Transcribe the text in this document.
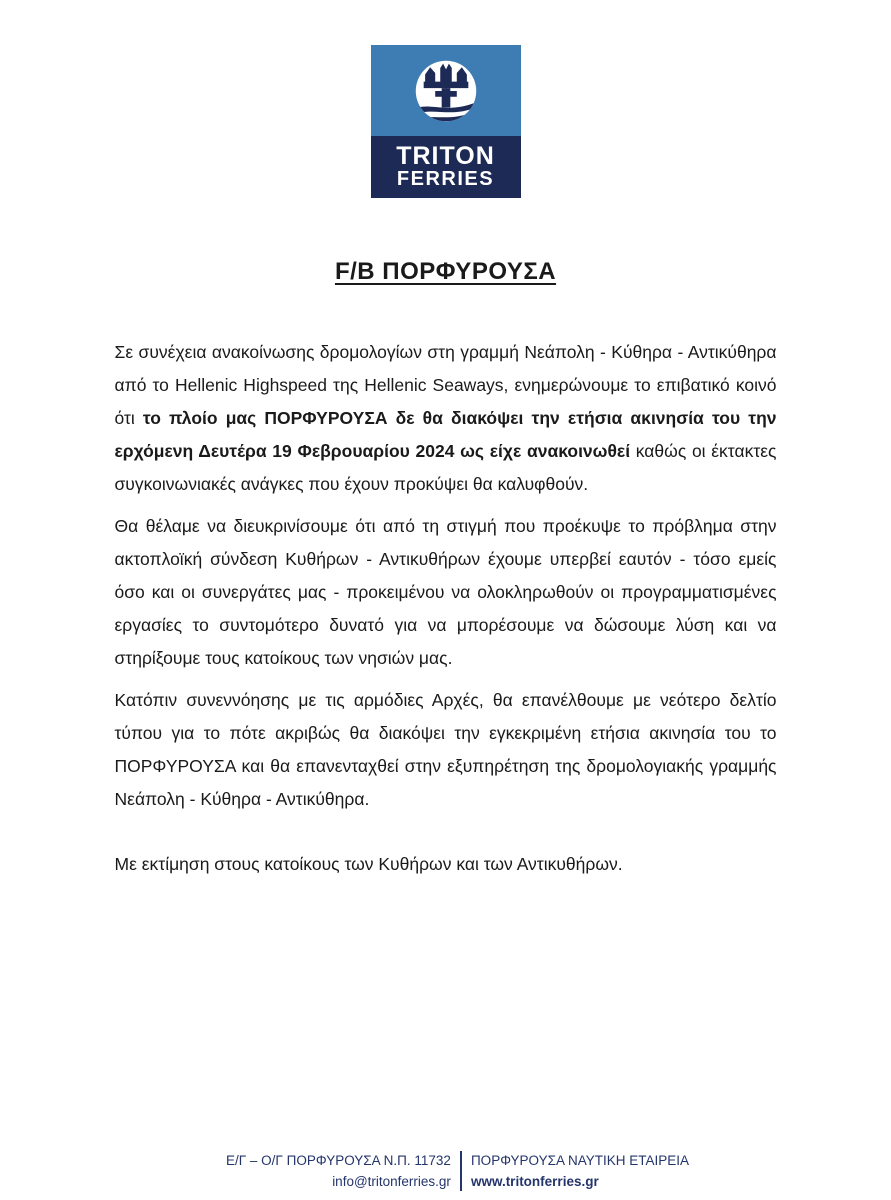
TRITON
FERRIES
F/B ΠΟΡΦΥΡΟΥΣΑ

Σε συνέχεια ανακοίνωσης δρομολογίων στη γραμμή Νεάπολη - Κύθηρα - Αντικύθηρα από το Hellenic Highspeed της Hellenic Seaways, ενημερώνουμε το επιβατικό κοινό ότι το πλοίο μας ΠΟΡΦΥΡΟΥΣΑ δε θα διακόψει την ετήσια ακινησία του την ερχόμενη Δευτέρα 19 Φεβρουαρίου 2024 ως είχε ανακοινωθεί καθώς οι έκτακτες συγκοινωνιακές ανάγκες που έχουν προκύψει θα καλυφθούν.

Θα θέλαμε να διευκρινίσουμε ότι από τη στιγμή που προέκυψε το πρόβλημα στην ακτοπλοϊκή σύνδεση Κυθήρων - Αντικυθήρων έχουμε υπερβεί εαυτόν - τόσο εμείς όσο και οι συνεργάτες μας - προκειμένου να ολοκληρωθούν οι προγραμματισμένες εργασίες το συντομότερο δυνατό για να μπορέσουμε να δώσουμε λύση και να στηρίξουμε τους κατοίκους των νησιών μας.

Κατόπιν συνεννόησης με τις αρμόδιες Αρχές, θα επανέλθουμε με νεότερο δελτίο τύπου για το πότε ακριβώς θα διακόψει την εγκεκριμένη ετήσια ακινησία του το ΠΟΡΦΥΡΟΥΣΑ και θα επανενταχθεί στην εξυπηρέτηση της δρομολογιακής γραμμής Νεάπολη - Κύθηρα - Αντικύθηρα.

Με εκτίμηση στους κατοίκους των Κυθήρων και των Αντικυθήρων.

Ε/Γ – Ο/Γ ΠΟΡΦΥΡΟΥΣΑ Ν.Π. 11732
info@tritonferries.gr
ΠΟΡΦΥΡΟΥΣΑ ΝΑΥΤΙΚΗ ΕΤΑΙΡΕΙΑ
www.tritonferries.gr
